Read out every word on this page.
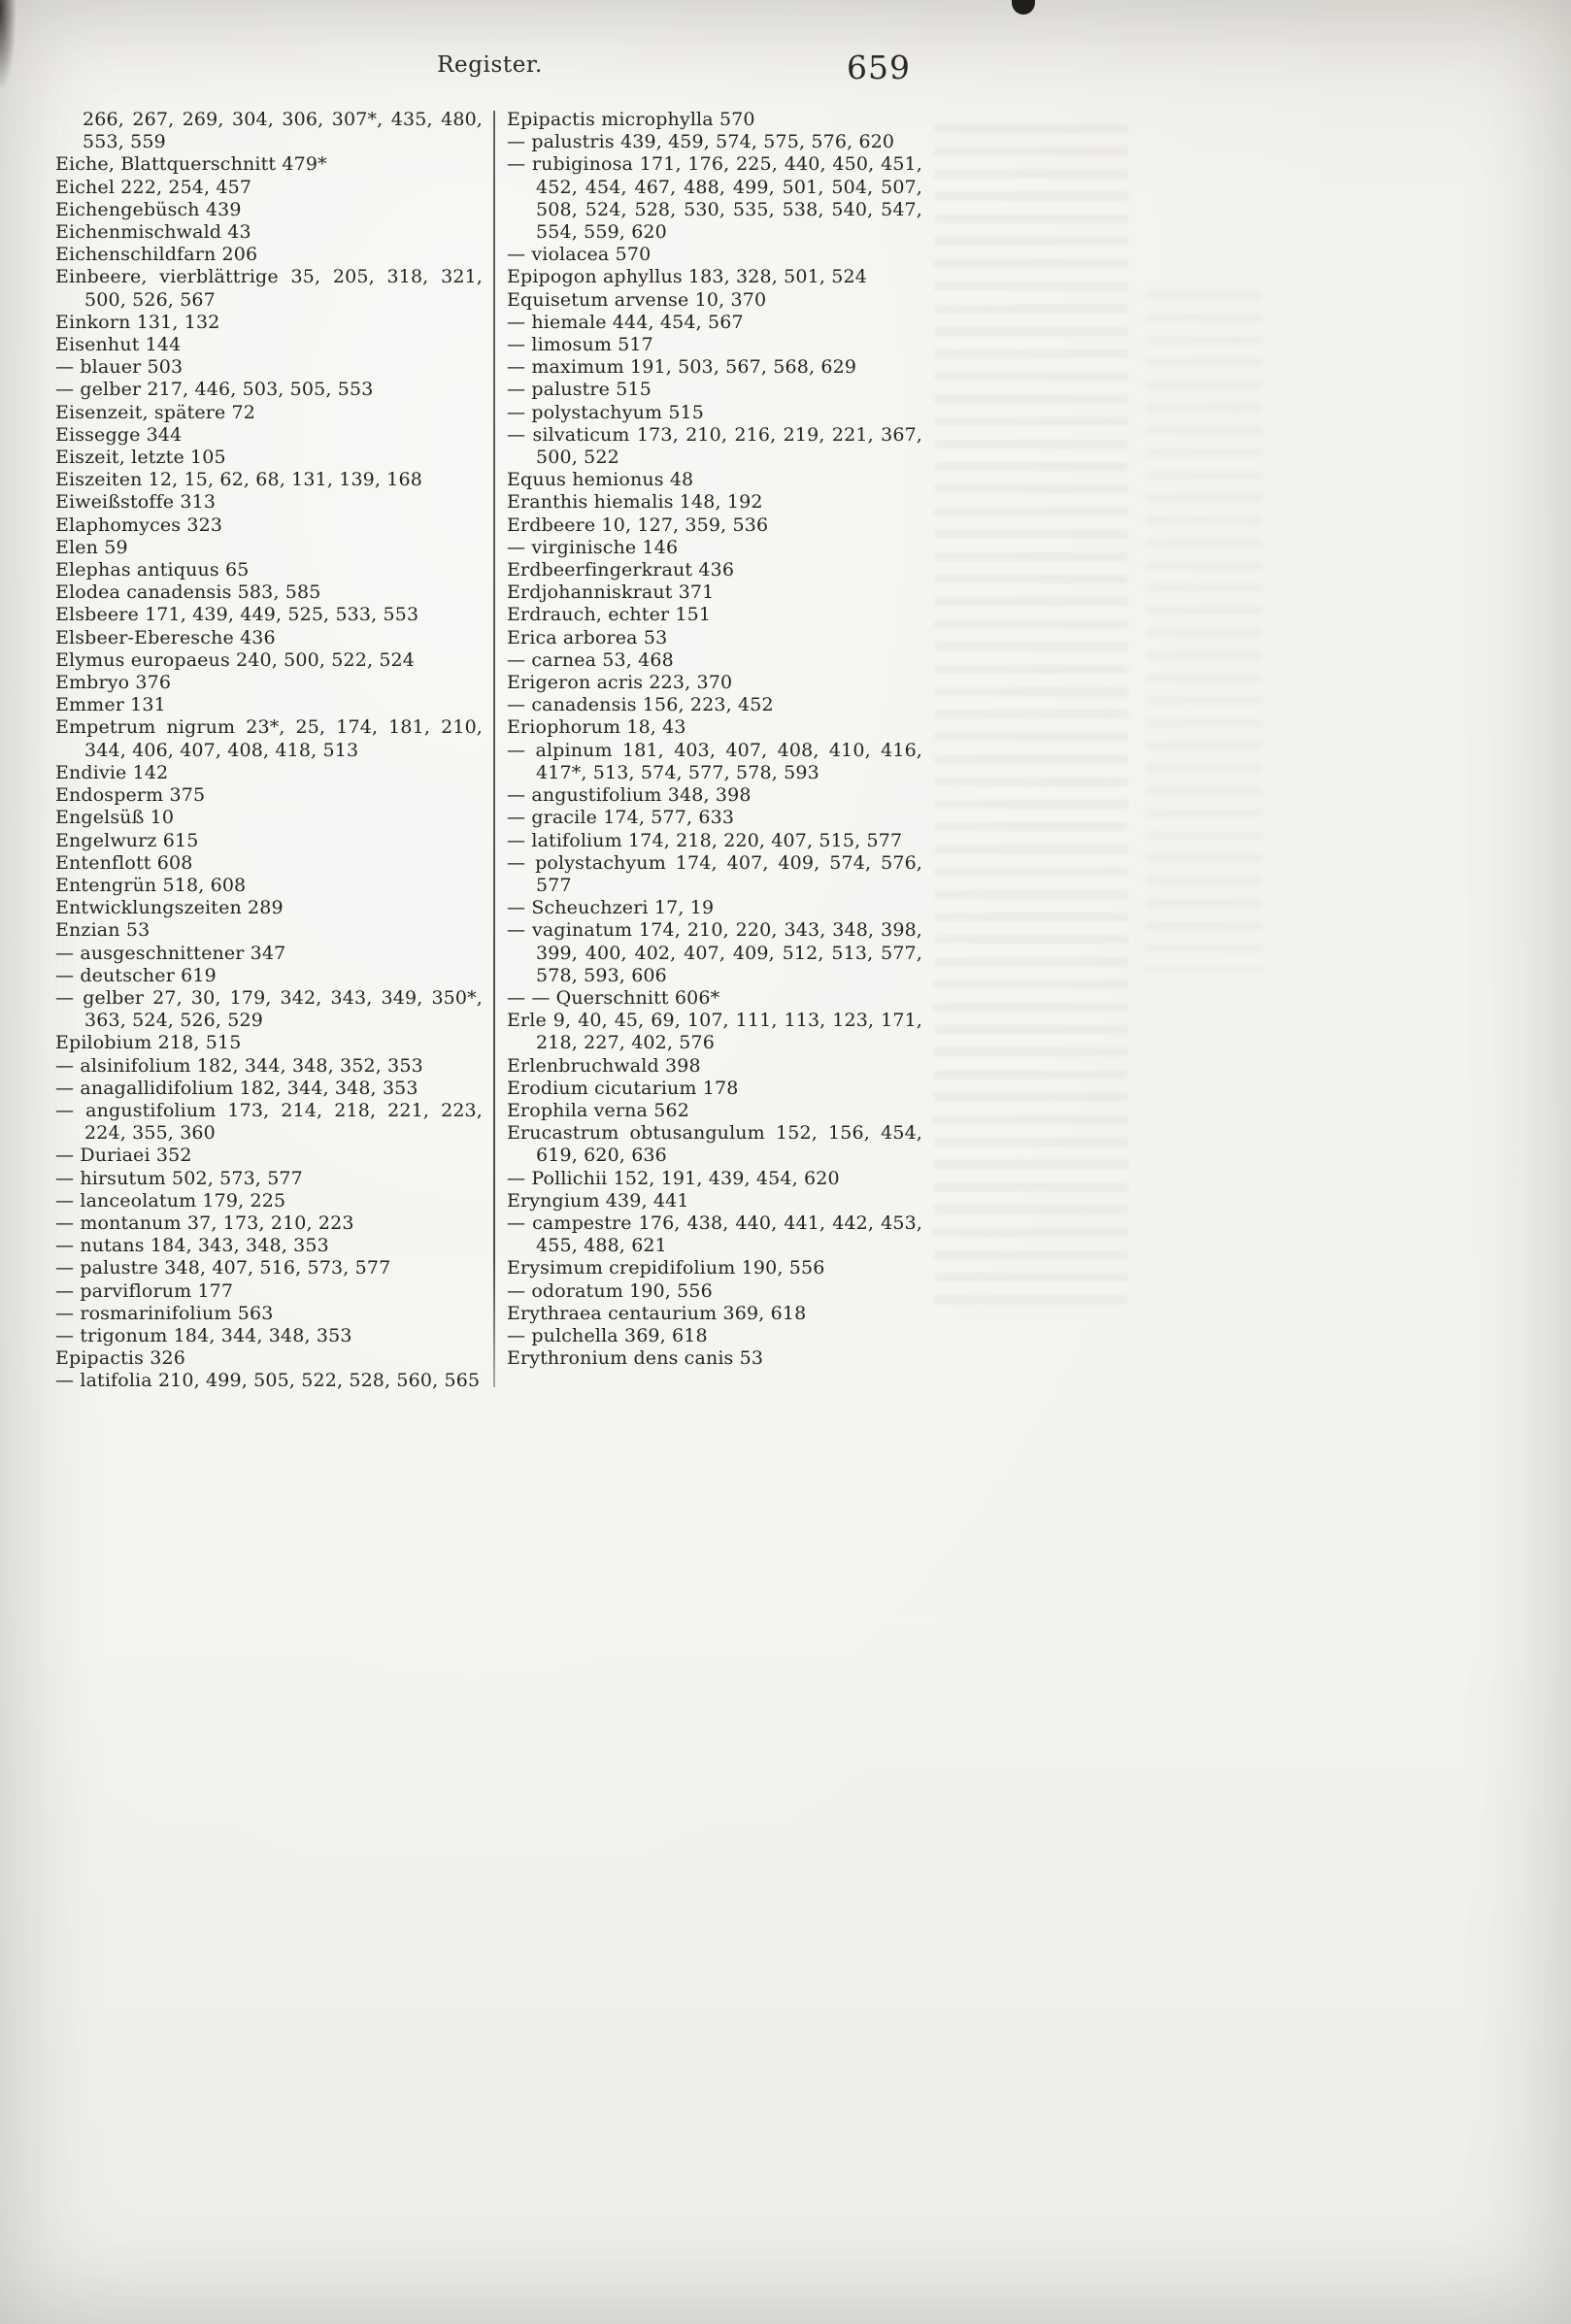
Register.	659

266, 267, 269, 304, 306, 307*, 435, 480, 553, 559

Eiche, Blattquerschnitt 479*

Eichel 222, 254, 457

Eichengebüsch 439

Eichenmischwald 43

Eichenschildfarn 206

Einbeere, vierblättrige 35, 205, 318, 321, 500, 526, 567

Einkorn 131, 132

Eisenhut 144

— blauer 503

— gelber 217, 446, 503, 505, 553

Eisenzeit, spätere 72

Eissegge 344

Eiszeit, letzte 105

Eiszeiten 12, 15, 62, 68, 131, 139, 168

Eiweißstoffe 313

Elaphomyces 323

Elen 59

Elephas antiquus 65

Elodea canadensis 583, 585

Elsbeere 171, 439, 449, 525, 533, 553

Elsbeer-Eberesche 436

Elymus europaeus 240, 500, 522, 524

Embryo 376

Emmer 131

Empetrum nigrum 23*, 25, 174, 181, 210, 344, 406, 407, 408, 418, 513

Endivie 142

Endosperm 375

Engelsüß 10

Engelwurz 615

Entenflott 608

Entengrün 518, 608

Entwicklungszeiten 289

Enzian 53

— ausgeschnittener 347

— deutscher 619

— gelber 27, 30, 179, 342, 343, 349, 350*, 363, 524, 526, 529

Epilobium 218, 515

— alsinifolium 182, 344, 348, 352, 353

— anagallidifolium 182, 344, 348, 353

— angustifolium 173, 214, 218, 221, 223, 224, 355, 360

— Duriaei 352

— hirsutum 502, 573, 577

— lanceolatum 179, 225

— montanum 37, 173, 210, 223

— nutans 184, 343, 348, 353

— palustre 348, 407, 516, 573, 577

— parviflorum 177

— rosmarinifolium 563

— trigonum 184, 344, 348, 353

Epipactis 326

— latifolia 210, 499, 505, 522, 528, 560, 565

Epipactis microphylla 570

— palustris 439, 459, 574, 575, 576, 620

— rubiginosa 171, 176, 225, 440, 450, 451, 452, 454, 467, 488, 499, 501, 504, 507, 508, 524, 528, 530, 535, 538, 540, 547, 554, 559, 620

— violacea 570

Epipogon aphyllus 183, 328, 501, 524

Equisetum arvense 10, 370

— hiemale 444, 454, 567

— limosum 517

— maximum 191, 503, 567, 568, 629

— palustre 515

— polystachyum 515

— silvaticum 173, 210, 216, 219, 221, 367, 500, 522

Equus hemionus 48

Eranthis hiemalis 148, 192

Erdbeere 10, 127, 359, 536

— virginische 146

Erdbeerfingerkraut 436

Erdjohanniskraut 371

Erdrauch, echter 151

Erica arborea 53

— carnea 53, 468

Erigeron acris 223, 370

— canadensis 156, 223, 452

Eriophorum 18, 43

— alpinum 181, 403, 407, 408, 410, 416, 417*, 513, 574, 577, 578, 593

— angustifolium 348, 398

— gracile 174, 577, 633

— latifolium 174, 218, 220, 407, 515, 577

— polystachyum 174, 407, 409, 574, 576, 577

— Scheuchzeri 17, 19

— vaginatum 174, 210, 220, 343, 348, 398, 399, 400, 402, 407, 409, 512, 513, 577, 578, 593, 606

— — Querschnitt 606*

Erle 9, 40, 45, 69, 107, 111, 113, 123, 171, 218, 227, 402, 576

Erlenbruchwald 398

Erodium cicutarium 178

Erophila verna 562

Erucastrum obtusangulum 152, 156, 454, 619, 620, 636

— Pollichii 152, 191, 439, 454, 620

Eryngium 439, 441

— campestre 176, 438, 440, 441, 442, 453, 455, 488, 621

Erysimum crepidifolium 190, 556

— odoratum 190, 556

Erythraea centaurium 369, 618

— pulchella 369, 618

Erythronium dens canis 53
